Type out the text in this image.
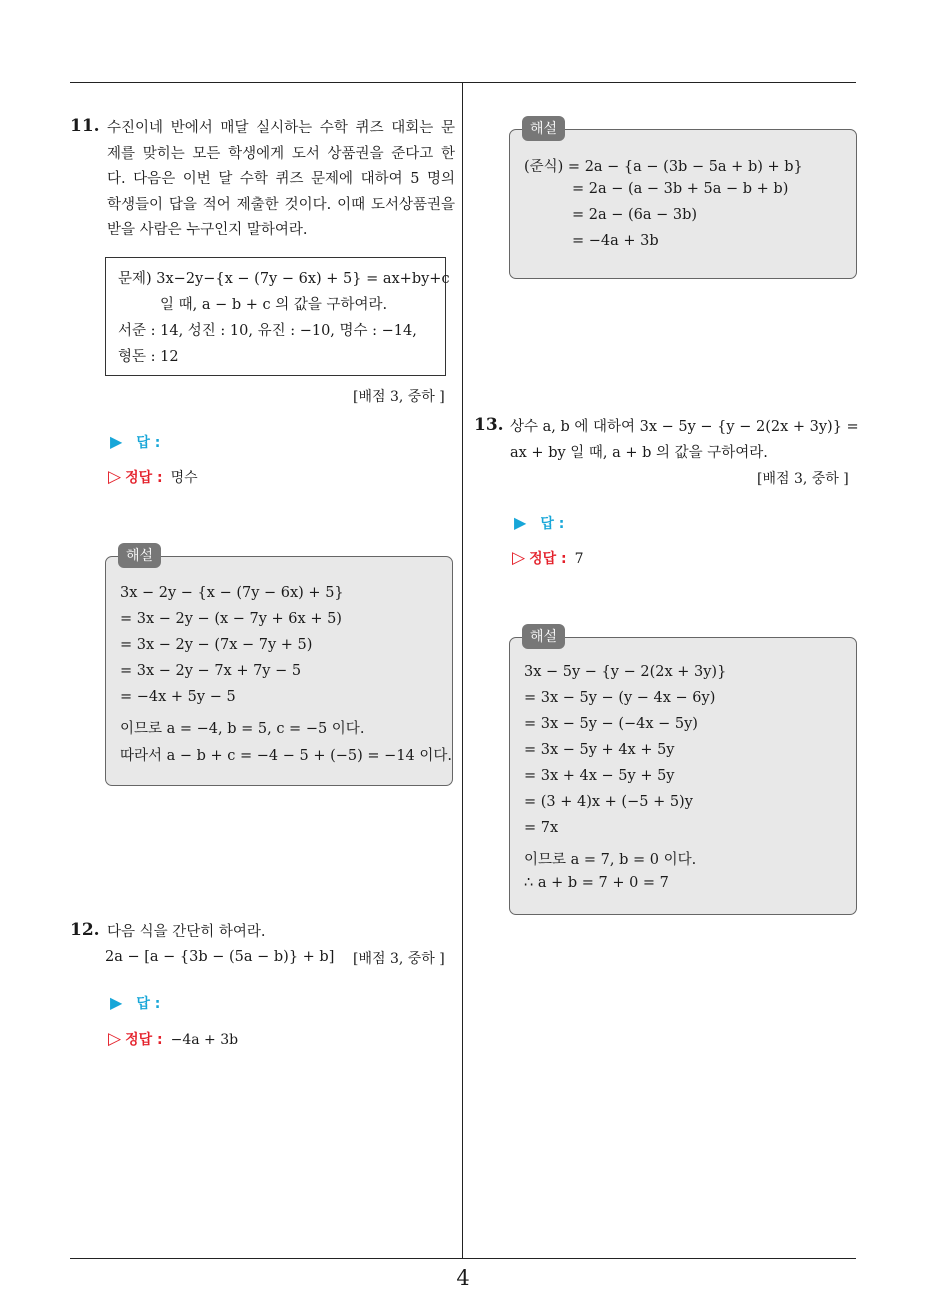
4
11. 수진이네 반에서 매달 실시하는 수학 퀴즈 대회는 문
제를 맞히는 모든 학생에게 도서 상품권을 준다고 한
다. 다음은 이번 달 수학 퀴즈 문제에 대하여 5 명의
학생들이 답을 적어 제출한 것이다. 이때 도서상품권을
받을 사람은 누구인지 말하여라.
문제) 3x−2y−{x − (7y − 6x) + 5} = ax+by+c
일 때, a − b + c 의 값을 구하여라.
서준 : 14, 성진 : 10, 유진 : −10, 명수 : −14,
형돈 : 12
[배점 3, 중하 ]
▶ 답 :
▷ 정답 : 명수
해설
3x − 2y − {x − (7y − 6x) + 5}
= 3x − 2y − (x − 7y + 6x + 5)
= 3x − 2y − (7x − 7y + 5)
= 3x − 2y − 7x + 7y − 5
= −4x + 5y − 5
이므로 a = −4, b = 5, c = −5 이다.
따라서 a − b + c = −4 − 5 + (−5) = −14 이다.
12. 다음 식을 간단히 하여라.
2a − [a − {3b − (5a − b)} + b] [배점 3, 중하 ]
▶ 답 :
▷ 정답 : −4a + 3b
해설
(준식) = 2a − {a − (3b − 5a + b) + b}
= 2a − (a − 3b + 5a − b + b)
= 2a − (6a − 3b)
= −4a + 3b
13. 상수 a, b 에 대하여 3x − 5y − {y − 2(2x + 3y)} =
ax + by 일 때, a + b 의 값을 구하여라.
[배점 3, 중하 ]
▶ 답 :
▷ 정답 : 7
해설
3x − 5y − {y − 2(2x + 3y)}
= 3x − 5y − (y − 4x − 6y)
= 3x − 5y − (−4x − 5y)
= 3x − 5y + 4x + 5y
= 3x + 4x − 5y + 5y
= (3 + 4)x + (−5 + 5)y
= 7x
이므로 a = 7, b = 0 이다.
∴ a + b = 7 + 0 = 7
